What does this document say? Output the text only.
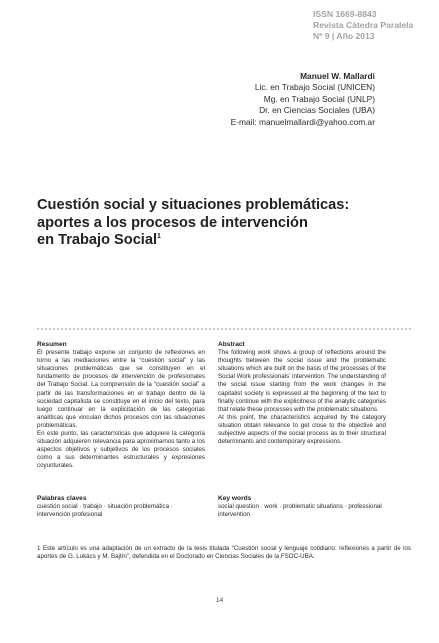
ISSN 1669-8843
Revista Cátedra Paralela
Nº 9 | Año 2013
Manuel W. Mallardi
Lic. en Trabajo Social (UNICEN)
Mg. en Trabajo Social (UNLP)
Dr. en Ciencias Sociales (UBA)
E-mail: manuelmallardi@yahoo.com.ar
Cuestión social y situaciones problemáticas:
aportes a los procesos de intervención
en Trabajo Social$^1$
Resumen

El presente trabajo expone un conjunto de reflexiones en torno a las mediaciones entre la “cuestión social” y las situaciones problemáticas que se constituyen en el fundamento de procesos de intervención de profesionales del Trabajo Social. La comprensión de la “cuestión social” a partir de las transformaciones en el trabajo dentro de la sociedad capitalista se constituye en el inicio del texto, para luego continuar en la explicitación de las categorías analíticas que vinculan dichos procesos con las situaciones problemáticas.

En este punto, las características que adquiere la categoría situación adquieren relevancia para aproximarnos tanto a los aspectos objetivos y subjetivos de los procesos sociales como a sus determinantes estructurales y expresiones coyunturales.

Abstract

The following work shows a group of reflections around the thoughts between the social issue and the problematic situations which are built on the basis of the processes of the Social Work professionals’ intervention. The understanding of the social issue starting from the work changes in the capitalist society is expressed at the beginning of the text to finally continue with the explicitness of the analytic categories that relate these processes with the problematic situations.

At this point, the characteristics acquired by the category situation obtain relevance to get close to the objective and subjective aspects of the social process as to their structural determinants and contemporary expressions.

Palabras claves

cuestión social · trabajo · situación problemática · intervención profesional

Key words

social question · work · problematic situations · professional intervention

1 Este artículo es una adaptación de un extracto de la tesis titulada “Cuestión social y lenguaje cotidiano: reflexiones a partir de los aportes de G. Lukács y M. Bajtín”, defendida en el Doctorado en Ciencias Sociales de la FSOC-UBA.
14
